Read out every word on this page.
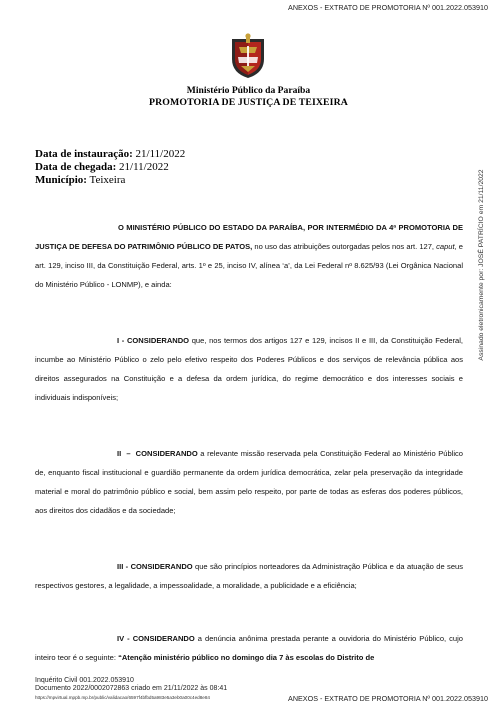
ANEXOS - EXTRATO DE PROMOTORIA Nº 001.2022.053910
Ministério Público da Paraíba
PROMOTORIA DE JUSTIÇA DE TEIXEIRA
Data de instauração: 21/11/2022
Data de chegada: 21/11/2022
Município: Teixeira	Assinado eletronicamente por: JOSÉ PATRÍCIO em 21/11/2022
O MINISTÉRIO PÚBLICO DO ESTADO DA PARAÍBA, POR INTERMÉDIO DA 4ª PROMOTORIA DE JUSTIÇA DE DEFESA DO PATRIMÔNIO PÚBLICO DE PATOS, no uso das atribuições outorgadas pelos nos art. 127, caput, e art. 129, inciso III, da Constituição Federal, arts. 1º e 25, inciso IV, alínea ‘a’, da Lei Federal nº 8.625/93 (Lei Orgânica Nacional do Ministério Público - LONMP), e ainda:
I - CONSIDERANDO que, nos termos dos artigos 127 e 129, incisos II e III, da Constituição Federal, incumbe ao Ministério Público o zelo pelo efetivo respeito dos Poderes Públicos e dos serviços de relevância pública aos direitos assegurados na Constituição e a defesa da ordem jurídica, do regime democrático e dos interesses sociais e individuais indisponíveis;
II  –  CONSIDERANDO a relevante missão reservada pela Constituição Federal ao Ministério Público de, enquanto fiscal institucional e guardião permanente da ordem jurídica democrática, zelar pela preservação da integridade material e moral do patrimônio público e social, bem assim pelo respeito, por parte de todas as esferas dos poderes públicos, aos direitos dos cidadãos e da sociedade;
III - CONSIDERANDO que são princípios norteadores da Administração Pública e da atuação de seus respectivos gestores, a legalidade, a impessoalidade, a moralidade, a publicidade e a eficiência;
IV - CONSIDERANDO a denúncia anônima prestada perante a ouvidoria do Ministério Público, cujo inteiro teor é o seguinte: “Atenção ministério público no domingo dia 7 às escolas do Distrito de
Inquérito Civil 001.2022.053910
Documento 2022/0002072863 criado em 21/11/2022 às 08:41
https://mpvirtual.mppb.mp.br/public/validacao/6597f4bfbd5a983e5a3eb0a00c4ed8e84	ANEXOS - EXTRATO DE PROMOTORIA Nº 001.2022.053910
